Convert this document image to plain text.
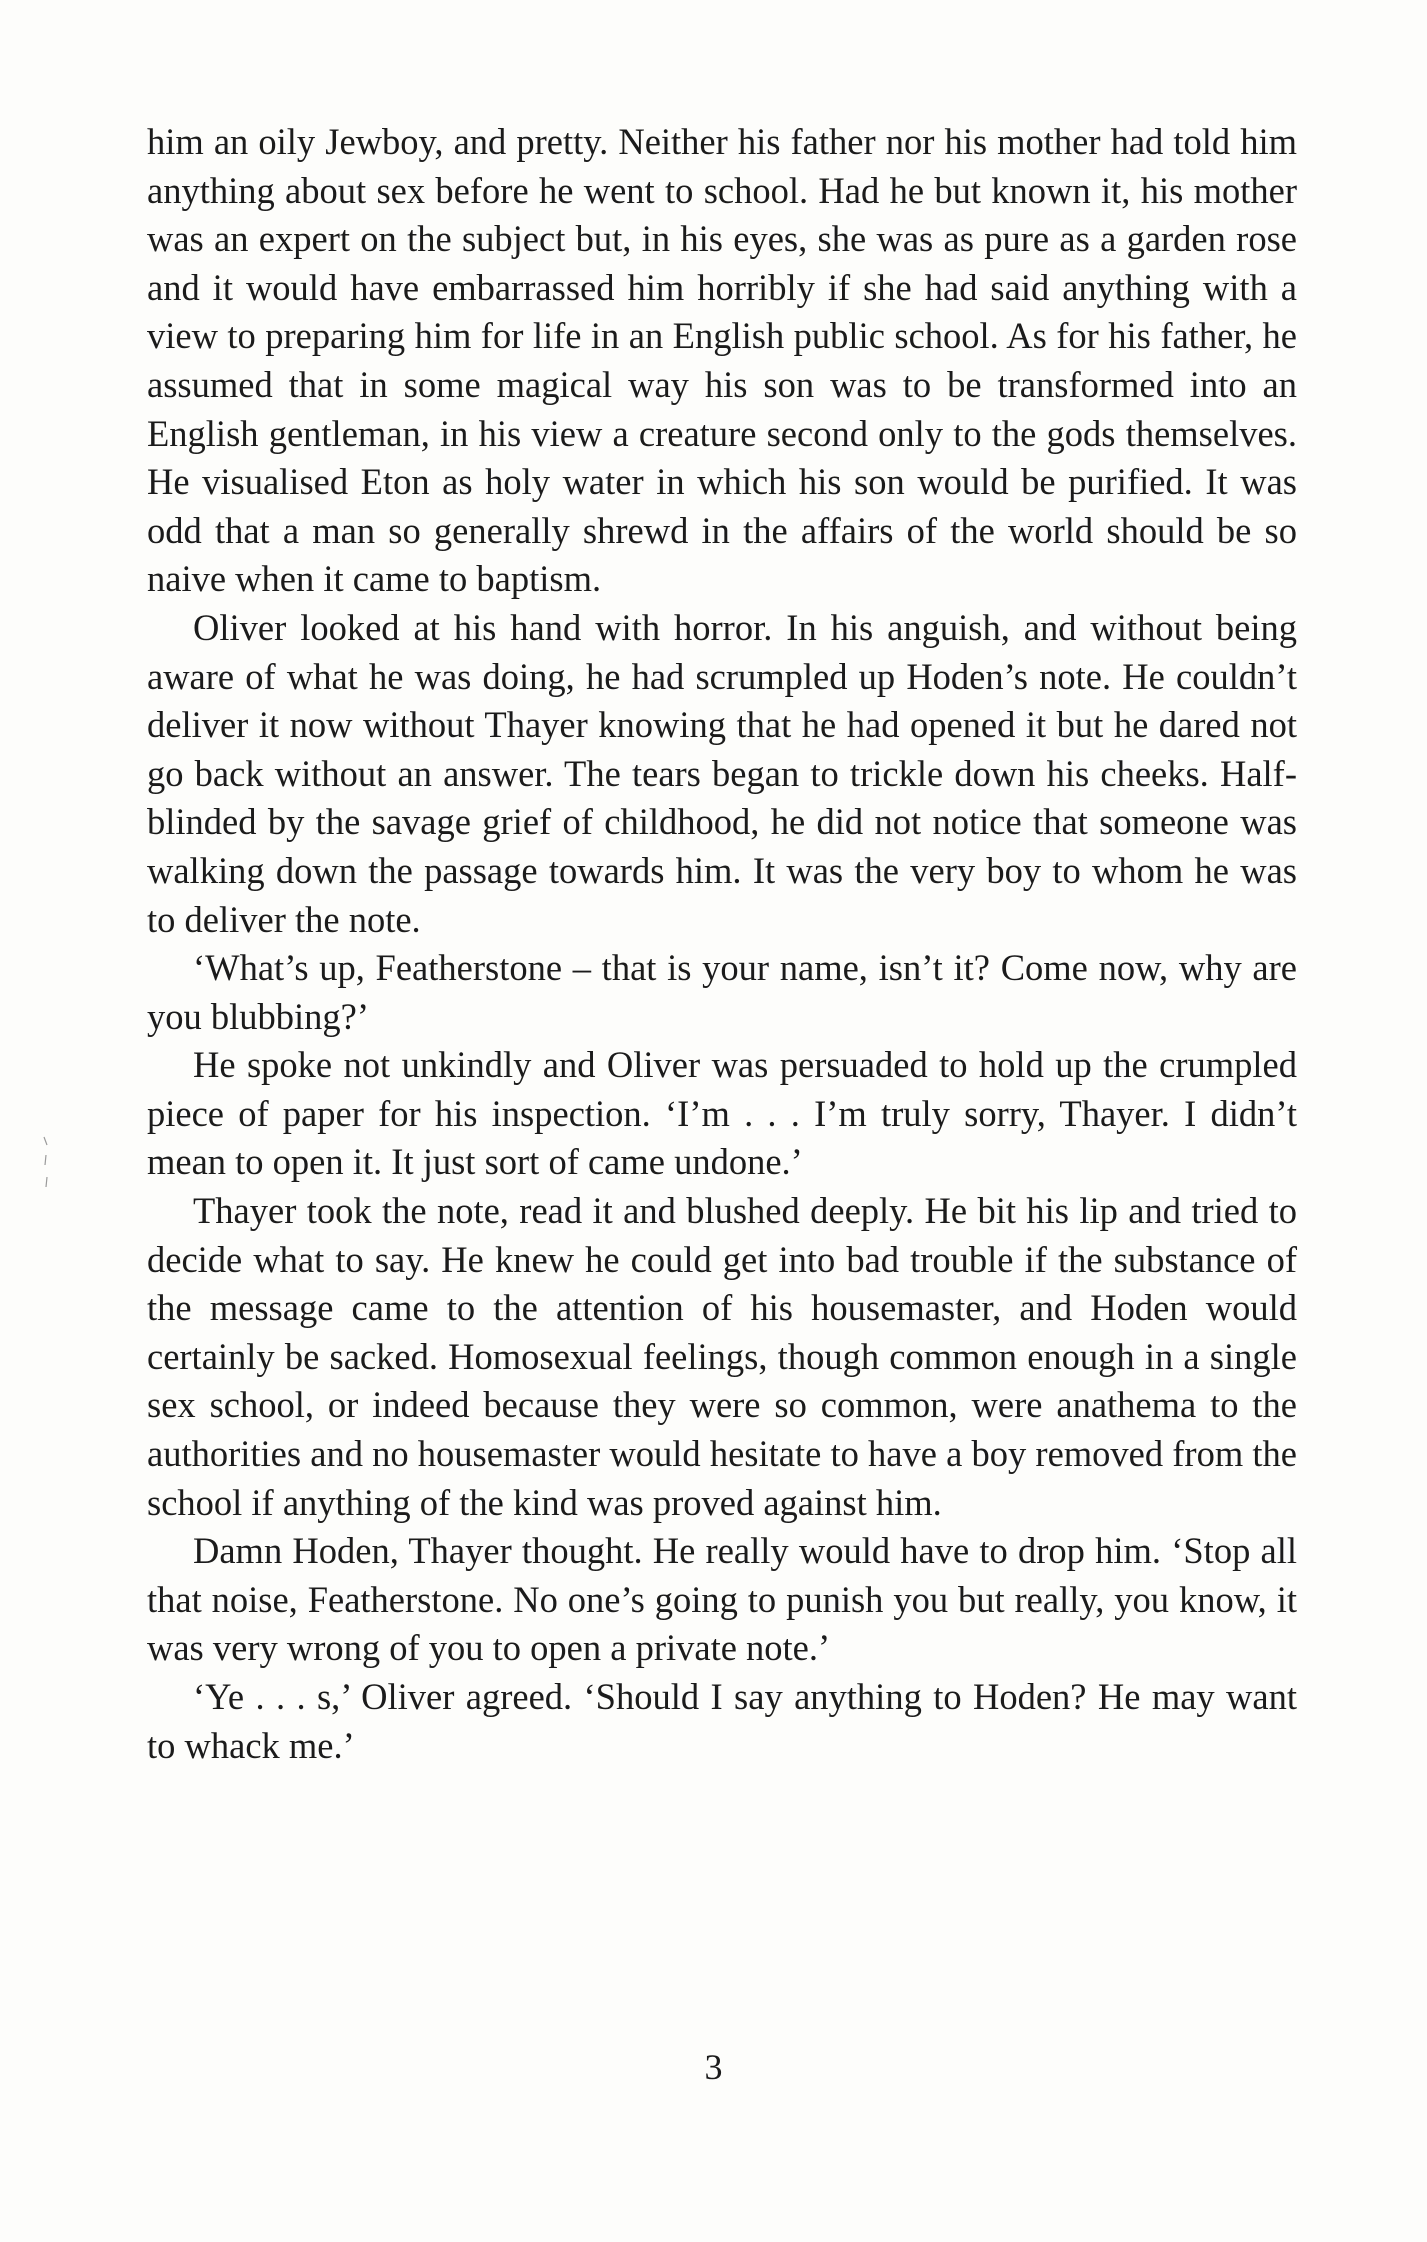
him an oily Jewboy, and pretty. Neither his father nor his mother had told him anything about sex before he went to school. Had he but known it, his mother was an expert on the subject but, in his eyes, she was as pure as a garden rose and it would have embarrassed him horribly if she had said anything with a view to preparing him for life in an English public school. As for his father, he assumed that in some magical way his son was to be transformed into an English gentleman, in his view a creature second only to the gods themselves. He visualised Eton as holy water in which his son would be purified. It was odd that a man so generally shrewd in the affairs of the world should be so naive when it came to baptism.

Oliver looked at his hand with horror. In his anguish, and without being aware of what he was doing, he had scrumpled up Hoden’s note. He couldn’t deliver it now without Thayer knowing that he had opened it but he dared not go back without an answer. The tears began to trickle down his cheeks. Half-blinded by the savage grief of childhood, he did not notice that someone was walking down the passage towards him. It was the very boy to whom he was to deliver the note.

‘What’s up, Featherstone – that is your name, isn’t it? Come now, why are you blubbing?’

He spoke not unkindly and Oliver was persuaded to hold up the crumpled piece of paper for his inspection. ‘I’m . . . I’m truly sorry, Thayer. I didn’t mean to open it. It just sort of came undone.’

Thayer took the note, read it and blushed deeply. He bit his lip and tried to decide what to say. He knew he could get into bad trouble if the substance of the message came to the attention of his housemaster, and Hoden would certainly be sacked. Homosexual feelings, though common enough in a single sex school, or indeed because they were so common, were anathema to the authorities and no housemaster would hesitate to have a boy removed from the school if anything of the kind was proved against him.

Damn Hoden, Thayer thought. He really would have to drop him. ‘Stop all that noise, Featherstone. No one’s going to punish you but really, you know, it was very wrong of you to open a private note.’

‘Ye . . . s,’ Oliver agreed. ‘Should I say anything to Hoden? He may want to whack me.’

3
